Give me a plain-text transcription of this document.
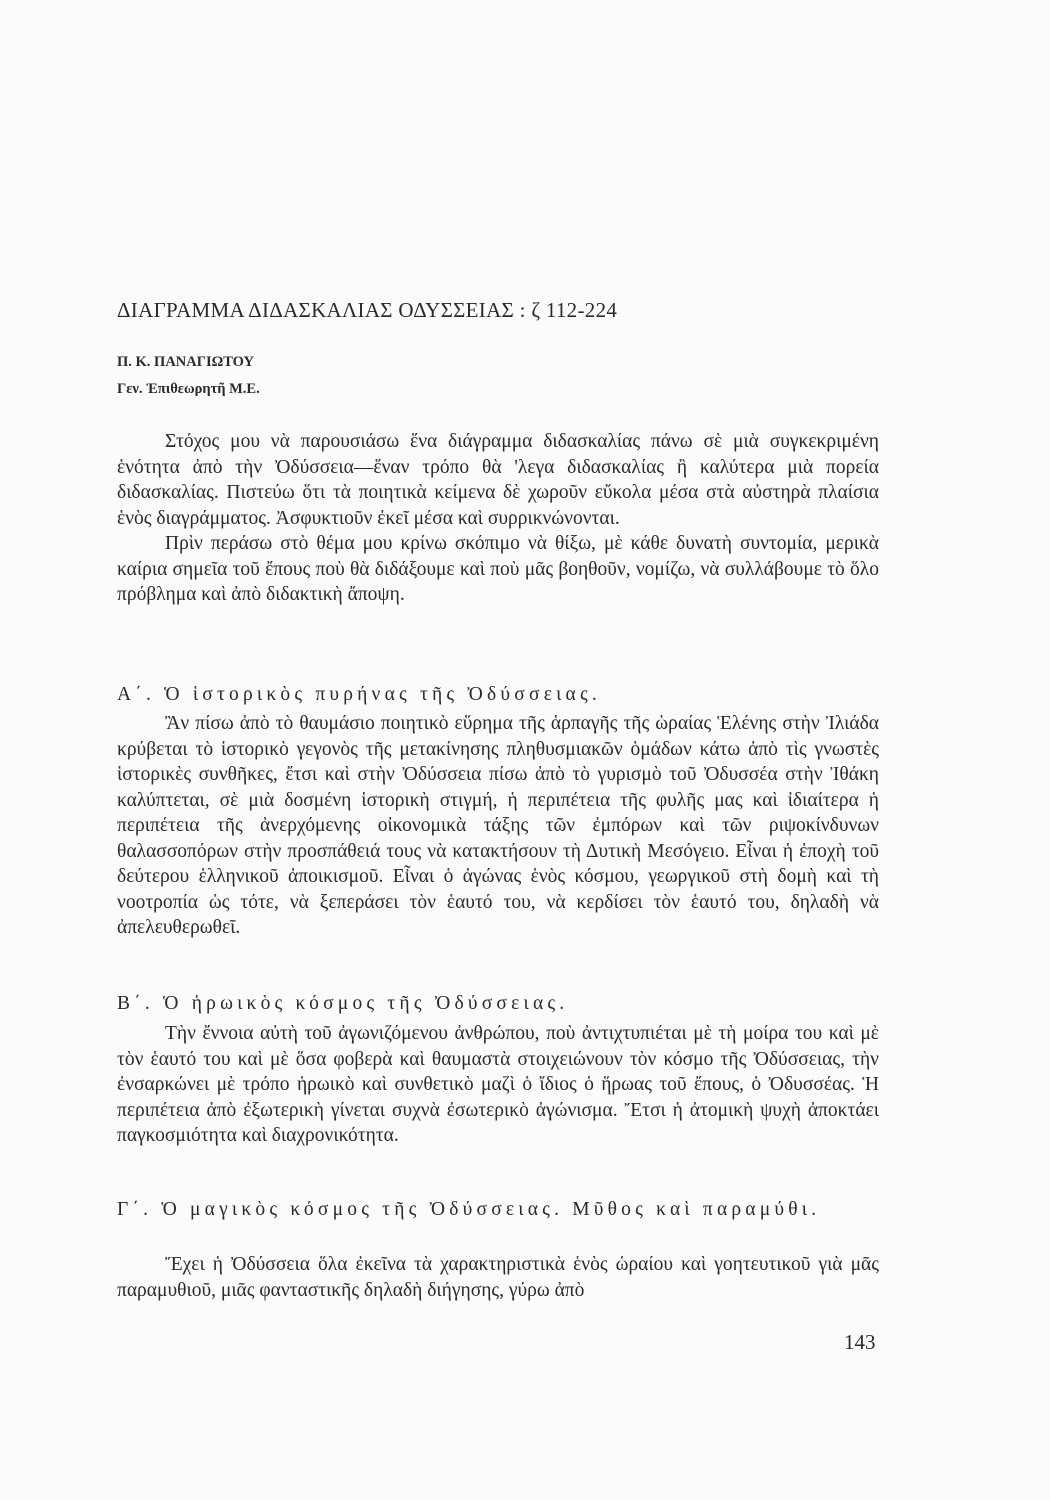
ΔΙΑΓΡΑΜΜΑ ΔΙΔΑΣΚΑΛΙΑΣ ΟΔΥΣΣΕΙΑΣ : ζ 112-224
Π. Κ. ΠΑΝΑΓΙΩΤΟΥ
Γεν. Ἐπιθεωρητῆ Μ.Ε.

Στόχος μου νὰ παρουσιάσω ἕνα διάγραμμα διδασκαλίας πάνω σὲ μιὰ συγκεκριμένη ἑνότητα ἀπὸ τὴν Ὀδύσσεια—ἕναν τρόπο θὰ 'λεγα διδασκαλίας ἢ καλύτερα μιὰ πορεία διδασκαλίας. Πιστεύω ὅτι τὰ ποιητικὰ κείμενα δὲ χωροῦν εὔκολα μέσα στὰ αὐστηρὰ πλαίσια ἑνὸς διαγράμματος. Ἀσφυκτιοῦν ἐκεῖ μέσα καὶ συρρικνώνονται.

Πρὶν περάσω στὸ θέμα μου κρίνω σκόπιμο νὰ θίξω, μὲ κάθε δυνατὴ συντομία, μερικὰ καίρια σημεῖα τοῦ ἔπους ποὺ θὰ διδάξουμε καὶ ποὺ μᾶς βοηθοῦν, νομίζω, νὰ συλλάβουμε τὸ ὅλο πρόβλημα καὶ ἀπὸ διδακτικὴ ἄποψη.

Α΄. Ὁ ἱστορικὸς πυρήνας τῆς Ὀδύσσειας.

Ἂν πίσω ἀπὸ τὸ θαυμάσιο ποιητικὸ εὕρημα τῆς ἁρπαγῆς τῆς ὡραίας Ἑλένης στὴν Ἰλιάδα κρύβεται τὸ ἱστορικὸ γεγονὸς τῆς μετακίνησης πληθυσμιακῶν ὁμάδων κάτω ἀπὸ τὶς γνωστὲς ἱστορικὲς συνθῆκες, ἔτσι καὶ στὴν Ὀδύσσεια πίσω ἀπὸ τὸ γυρισμὸ τοῦ Ὀδυσσέα στὴν Ἰθάκη καλύπτεται, σὲ μιὰ δοσμένη ἱστορικὴ στιγμή, ἡ περιπέτεια τῆς φυλῆς μας καὶ ἰδιαίτερα ἡ περιπέτεια τῆς ἀνερχόμενης οἰκονομικὰ τάξης τῶν ἐμπόρων καὶ τῶν ριψοκίνδυνων θαλασσοπόρων στὴν προσπάθειά τους νὰ κατακτήσουν τὴ Δυτικὴ Μεσόγειο. Εἶναι ἡ ἐποχὴ τοῦ δεύτερου ἑλληνικοῦ ἀποικισμοῦ. Εἶναι ὁ ἀγώνας ἑνὸς κόσμου, γεωργικοῦ στὴ δομὴ καὶ τὴ νοοτροπία ὡς τότε, νὰ ξεπεράσει τὸν ἑαυτό του, νὰ κερδίσει τὸν ἑαυτό του, δηλαδὴ νὰ ἀπελευθερωθεῖ.

Β΄. Ὁ ἡρωικὸς κόσμος τῆς Ὀδύσσειας.

Τὴν ἔννοια αὐτὴ τοῦ ἀγωνιζόμενου ἀνθρώπου, ποὺ ἀντιχτυπιέται μὲ τὴ μοίρα του καὶ μὲ τὸν ἑαυτό του καὶ μὲ ὅσα φοβερὰ καὶ θαυμαστὰ στοιχειώνουν τὸν κόσμο τῆς Ὀδύσσειας, τὴν ἐνσαρκώνει μὲ τρόπο ἡρωικὸ καὶ συνθετικὸ μαζὶ ὁ ἴδιος ὁ ἥρωας τοῦ ἔπους, ὁ Ὀδυσσέας. Ἡ περιπέτεια ἀπὸ ἐξωτερικὴ γίνεται συχνὰ ἐσωτερικὸ ἀγώνισμα. Ἔτσι ἡ ἀτομικὴ ψυχὴ ἀποκτάει παγκοσμιότητα καὶ διαχρονικότητα.

Γ΄. Ὁ μαγικὸς κόσμος τῆς Ὀδύσσειας. Μῦθος καὶ παραμύθι.

Ἔχει ἡ Ὀδύσσεια ὅλα ἐκεῖνα τὰ χαρακτηριστικὰ ἑνὸς ὡραίου καὶ γοητευτικοῦ γιὰ μᾶς παραμυθιοῦ, μιᾶς φανταστικῆς δηλαδὴ διήγησης, γύρω ἀπὸ

143
